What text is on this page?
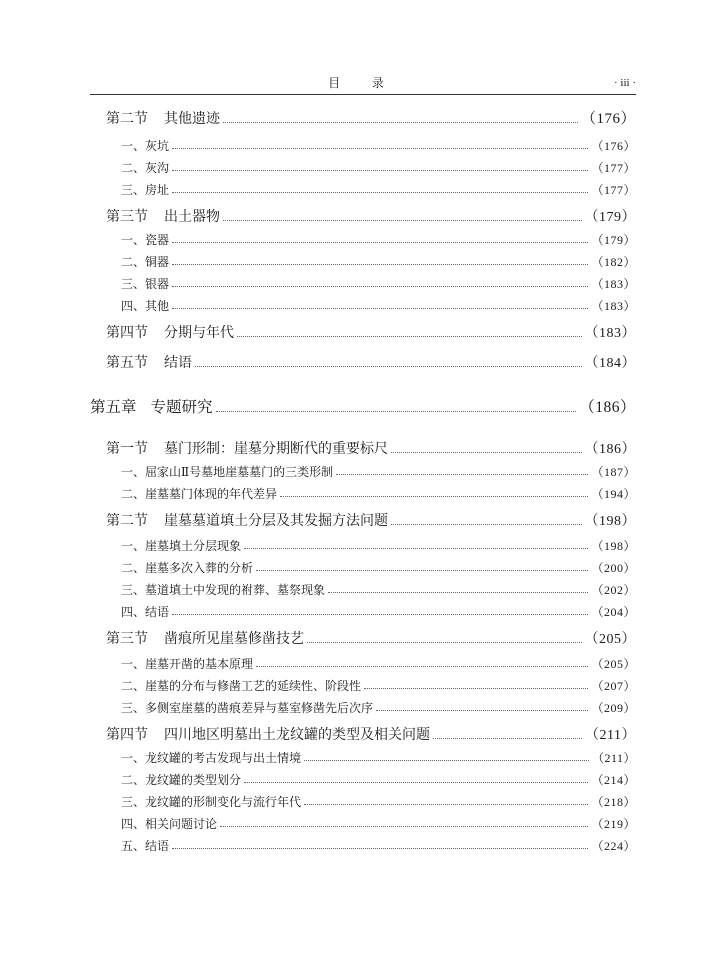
目 录	· iii ·
第二节 其他遗迹	（176）
一、灰坑	（176）
二、灰沟	（177）
三、房址	（177）
第三节 出土器物	（179）
一、瓷器	（179）
二、铜器	（182）
三、银器	（183）
四、其他	（183）
第四节 分期与年代	（183）
第五节 结语	（184）
第五章 专题研究	（186）
第一节 墓门形制：崖墓分期断代的重要标尺	（186）
一、屈家山Ⅱ号墓地崖墓墓门的三类形制	（187）
二、崖墓墓门体现的年代差异	（194）
第二节 崖墓墓道填土分层及其发掘方法问题	（198）
一、崖墓填土分层现象	（198）
二、崖墓多次入葬的分析	（200）
三、墓道填土中发现的祔葬、墓祭现象	（202）
四、结语	（204）
第三节 凿痕所见崖墓修凿技艺	（205）
一、崖墓开凿的基本原理	（205）
二、崖墓的分布与修凿工艺的延续性、阶段性	（207）
三、多侧室崖墓的凿痕差异与墓室修凿先后次序	（209）
第四节 四川地区明墓出土龙纹罐的类型及相关问题	（211）
一、龙纹罐的考古发现与出土情境	（211）
二、龙纹罐的类型划分	（214）
三、龙纹罐的形制变化与流行年代	（218）
四、相关问题讨论	（219）
五、结语	（224）
